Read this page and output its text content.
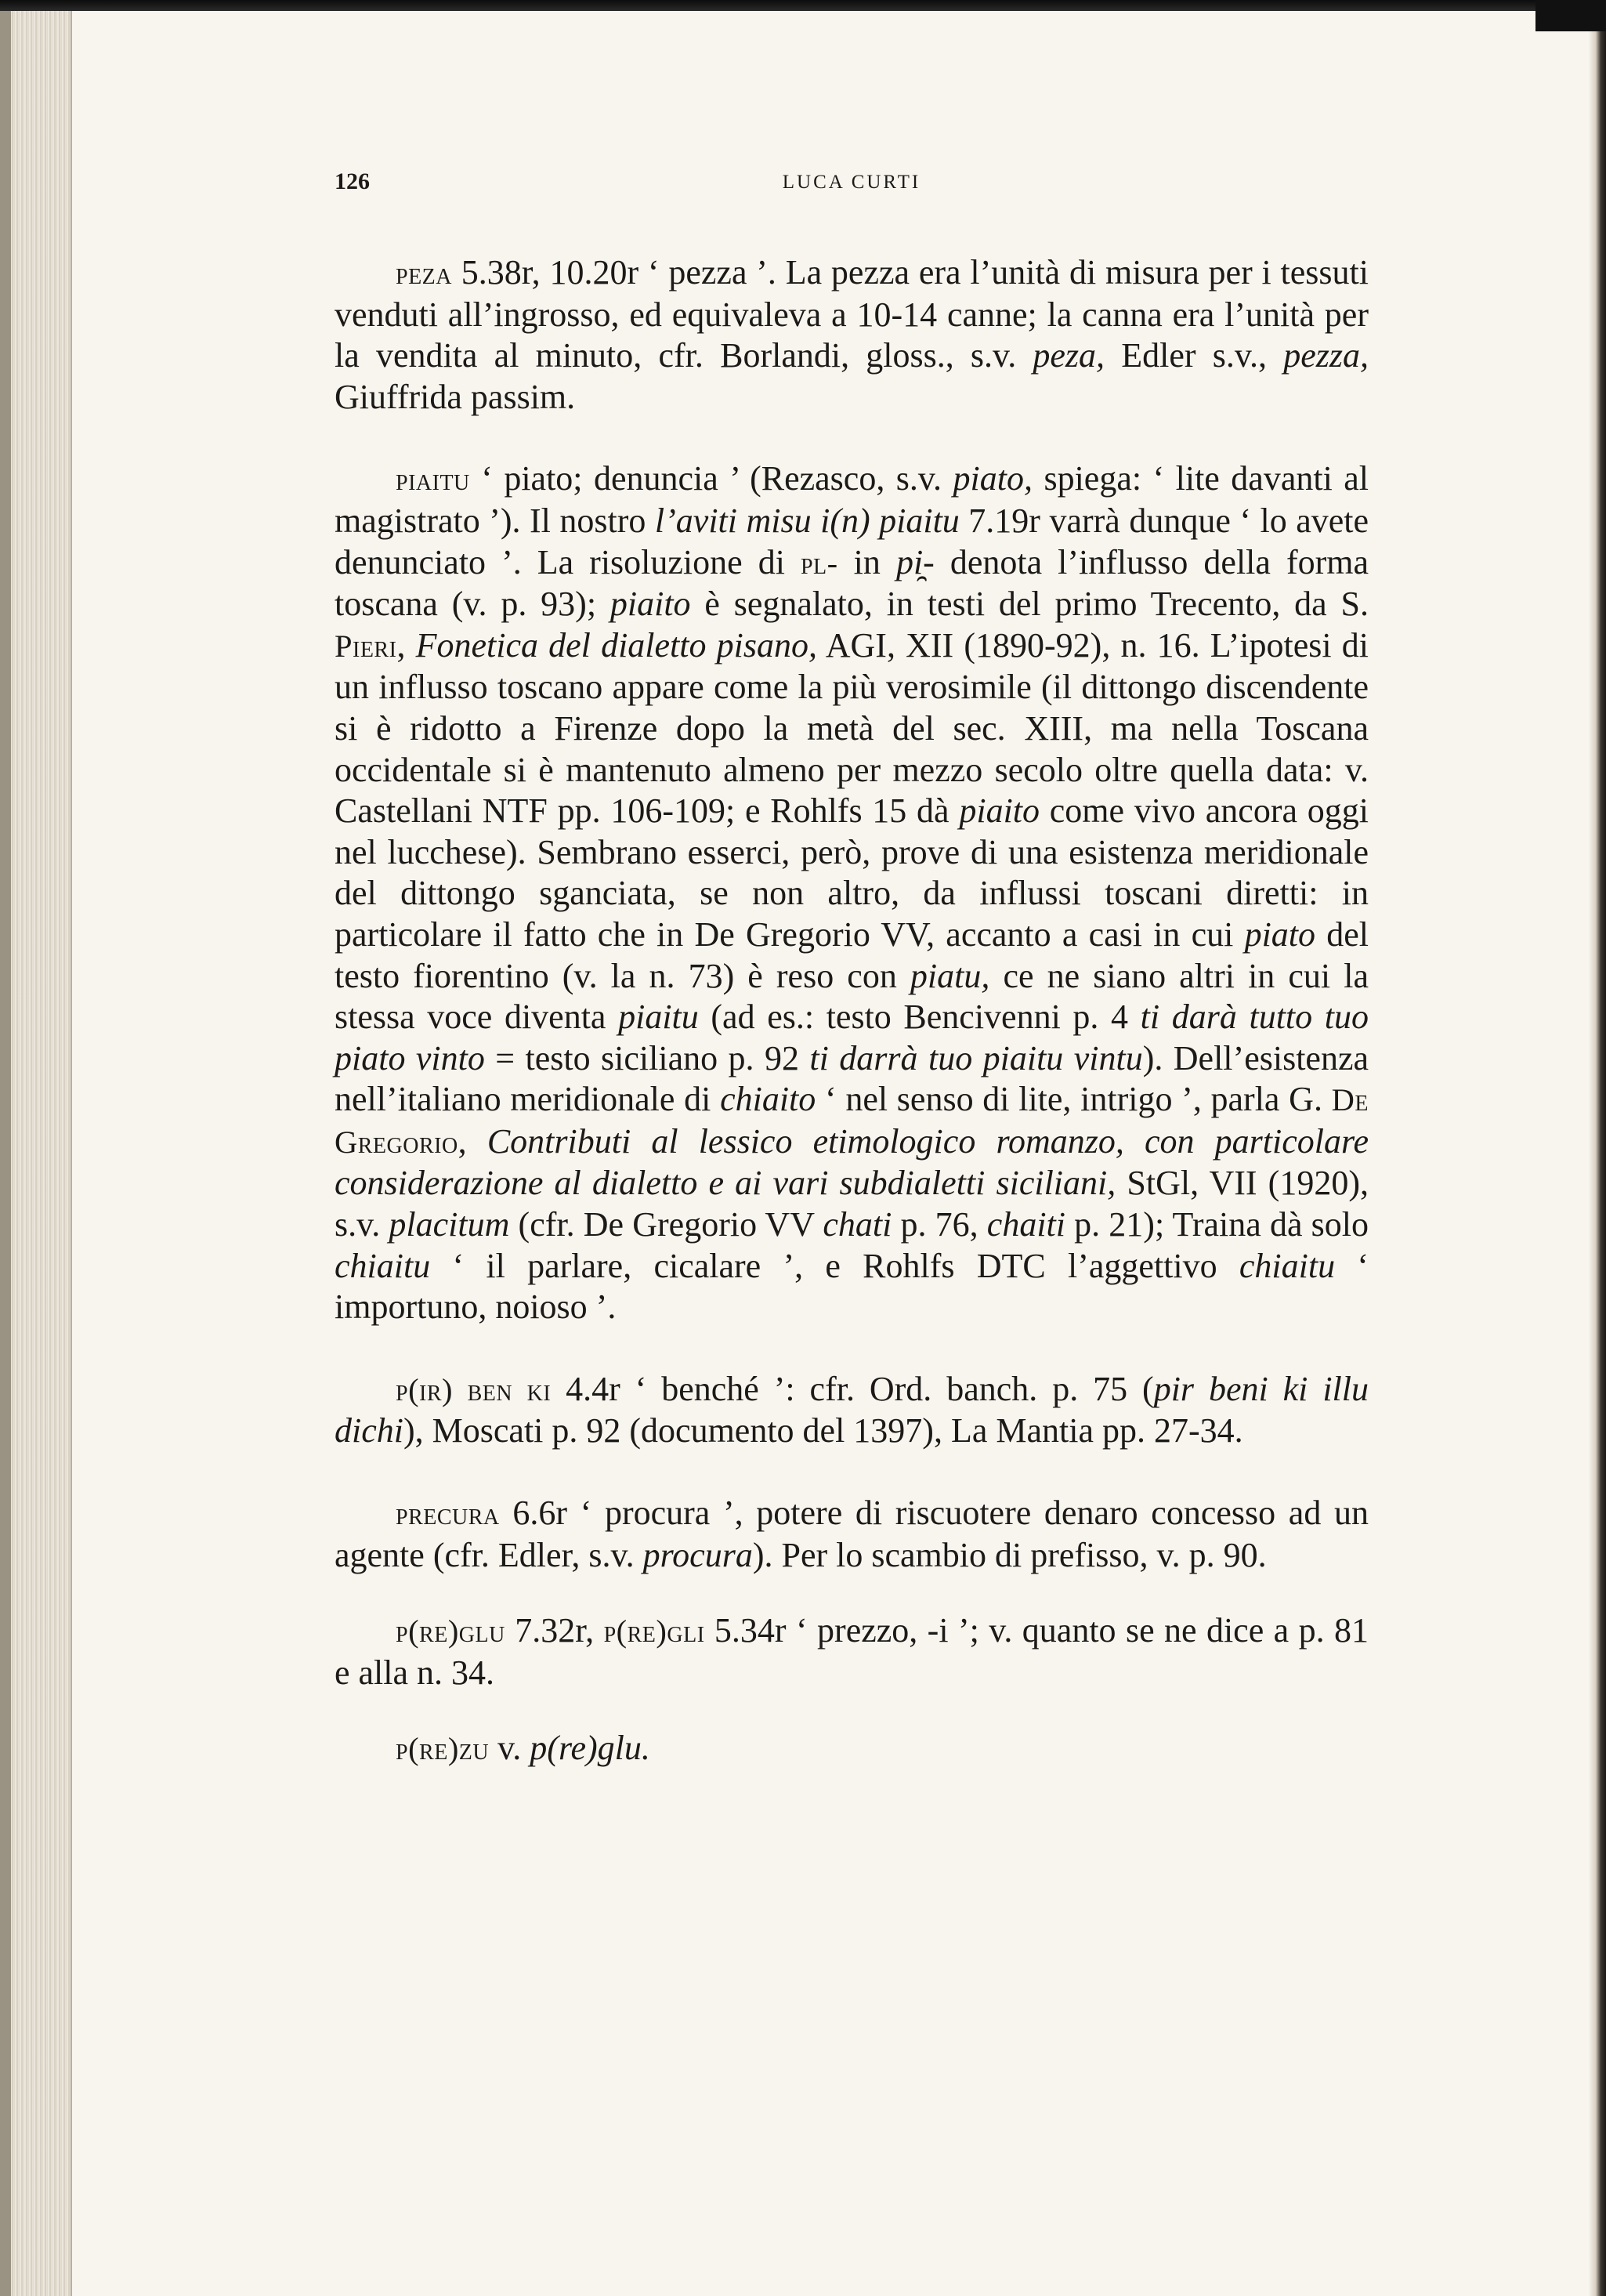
126	LUCA CURTI

peza 5.38r, 10.20r ‘ pezza ’. La pezza era l’unità di misura per i tessuti venduti all’ingrosso, ed equivaleva a 10-14 canne; la canna era l’unità per la vendita al minuto, cfr. Borlandi, gloss., s.v. peza, Edler s.v., pezza, Giuffrida passim.

piaitu ‘ piato; denuncia ’ (Rezasco, s.v. piato, spiega: ‘ lite davanti al magistrato ’). Il nostro l’aviti misu i(n) piaitu 7.19r varrà dunque ‘ lo avete denunciato ’. La risoluzione di pl- in pi̯- denota l’influsso della forma toscana (v. p. 93); piaito è segnalato, in testi del primo Trecento, da S. Pieri, Fonetica del dialetto pisano, AGI, XII (1890-92), n. 16. L’ipotesi di un influsso toscano appare come la più verosimile (il dittongo discendente si è ridotto a Firenze dopo la metà del sec. XIII, ma nella Toscana occidentale si è mantenuto almeno per mezzo secolo oltre quella data: v. Castellani NTF pp. 106-109; e Rohlfs 15 dà piaito come vivo ancora oggi nel lucchese). Sembrano esserci, però, prove di una esistenza meridionale del dittongo sganciata, se non altro, da influssi toscani diretti: in particolare il fatto che in De Gregorio VV, accanto a casi in cui piato del testo fiorentino (v. la n. 73) è reso con piatu, ce ne siano altri in cui la stessa voce diventa piaitu (ad es.: testo Bencivenni p. 4 ti darà tutto tuo piato vinto = testo siciliano p. 92 ti darrà tuo piaitu vintu). Dell’esistenza nell’italiano meridionale di chiaito ‘ nel senso di lite, intrigo ’, parla G. De Gregorio, Contributi al lessico etimologico romanzo, con particolare considerazione al dialetto e ai vari subdialetti siciliani, StGl, VII (1920), s.v. placitum (cfr. De Gregorio VV chati p. 76, chaiti p. 21); Traina dà solo chiaitu ‘ il parlare, cicalare ’, e Rohlfs DTC l’aggettivo chiaitu ‘ importuno, noioso ’.

p(ir) ben ki 4.4r ‘ benché ’: cfr. Ord. banch. p. 75 (pir beni ki illu dichi), Moscati p. 92 (documento del 1397), La Mantia pp. 27-34.

precura 6.6r ‘ procura ’, potere di riscuotere denaro concesso ad un agente (cfr. Edler, s.v. procura). Per lo scambio di prefisso, v. p. 90.

p(re)glu 7.32r, p(re)gli 5.34r ‘ prezzo, -i ’; v. quanto se ne dice a p. 81 e alla n. 34.

p(re)zu v. p(re)glu.
